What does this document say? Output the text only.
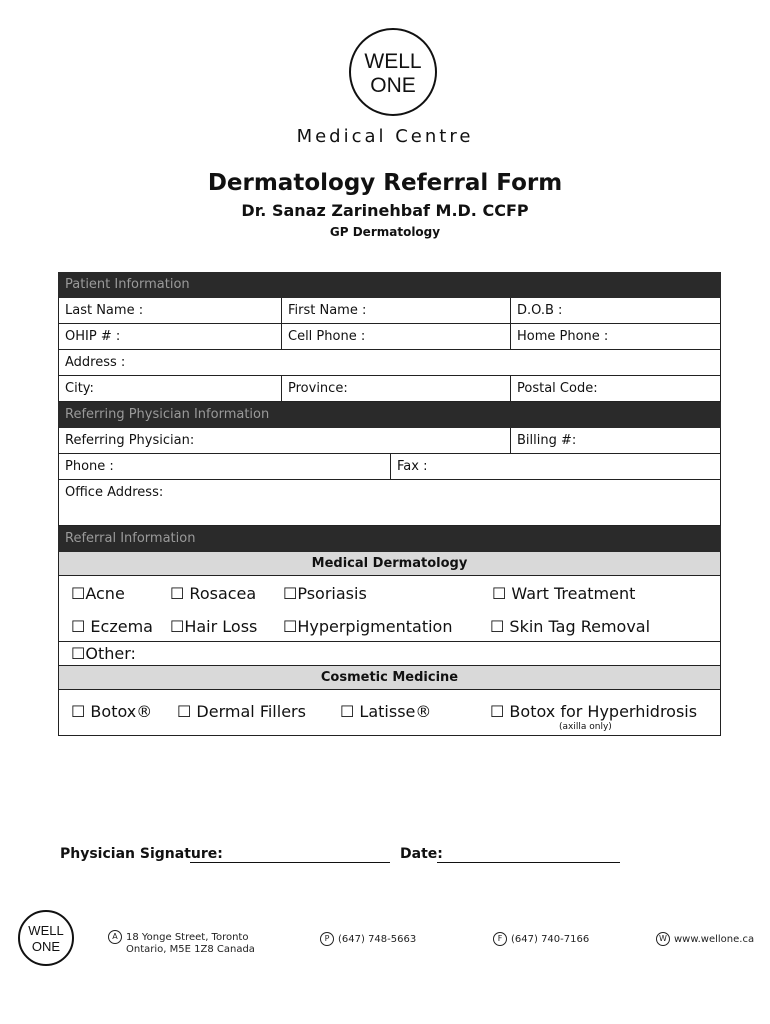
WELL
ONE
Medical Centre
Dermatology Referral Form
Dr. Sanaz Zarinehbaf M.D. CCFP
GP Dermatology
Patient Information
Last Name :	First Name :	D.O.B :
OHIP # :	Cell Phone :	Home Phone :
Address :
City:	Province:	Postal Code:
Referring Physician Information
Referring Physician:	Billing #:
Phone :	Fax :
Office Address:
Referral Information
Medical Dermatology
☐Acne	☐ Rosacea ☐Psoriasis	☐ Wart Treatment
☐ Eczema ☐Hair Loss ☐Hyperpigmentation ☐ Skin Tag Removal
☐Other:
Cosmetic Medicine
☐ Botox® ☐ Dermal Fillers ☐ Latisse®	☐ Botox for Hyperhidrosis
(axilla only)
Physician Signature:	Date:
WELL
ONE
A 18 Yonge Street, Toronto
Ontario, M5E 1Z8 Canada
P (647) 748-5663	F (647) 740-7166	W www.wellone.ca
